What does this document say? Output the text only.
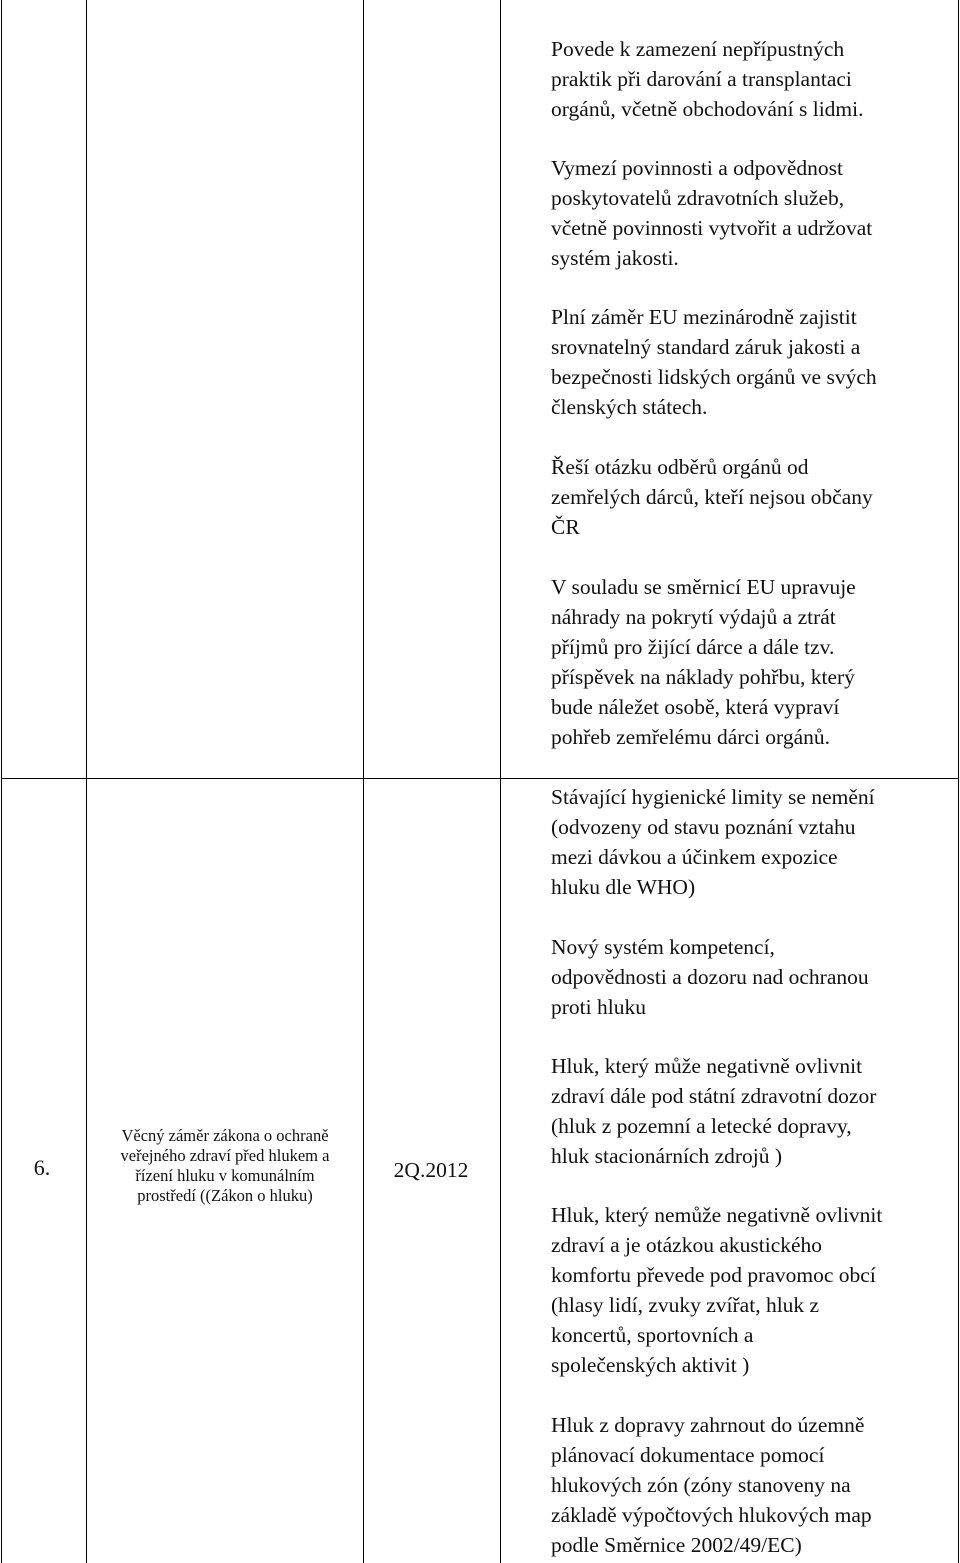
Povede k zamezení nepřípustných
praktik při darování a transplantaci
orgánů, včetně obchodování s lidmi.

Vymezí povinnosti a odpovědnost
poskytovatelů zdravotních služeb,
včetně povinnosti vytvořit a udržovat
systém jakosti.

Plní záměr EU mezinárodně zajistit
srovnatelný standard záruk jakosti a
bezpečnosti lidských orgánů ve svých
členských státech.

Řeší otázku odběrů orgánů od
zemřelých dárců, kteří nejsou občany
ČR

V souladu se směrnicí EU upravuje
náhrady na pokrytí výdajů a ztrát
příjmů pro žijící dárce a dále tzv.
příspěvek na náklady pohřbu, který
bude náležet osobě, která vypraví
pohřeb zemřelému dárci orgánů.

6.
Věcný záměr zákona o ochraně
veřejného zdraví před hlukem a
řízení hluku v komunálním
prostředí ((Zákon o hluku)
2Q.2012

Stávající hygienické limity se nemění
(odvozeny od stavu poznání vztahu
mezi dávkou a účinkem expozice
hluku dle WHO)

Nový systém kompetencí,
odpovědnosti a dozoru nad ochranou
proti hluku

Hluk, který může negativně ovlivnit
zdraví dále pod státní zdravotní dozor
(hluk z pozemní a letecké dopravy,
hluk stacionárních zdrojů )

Hluk, který nemůže negativně ovlivnit
zdraví a je otázkou akustického
komfortu převede pod pravomoc obcí
(hlasy lidí, zvuky zvířat, hluk z
koncertů, sportovních a
společenských aktivit )

Hluk z dopravy zahrnout do územně
plánovací dokumentace pomocí
hlukových zón (zóny stanoveny na
základě výpočtových hlukových map
podle Směrnice 2002/49/EC)
